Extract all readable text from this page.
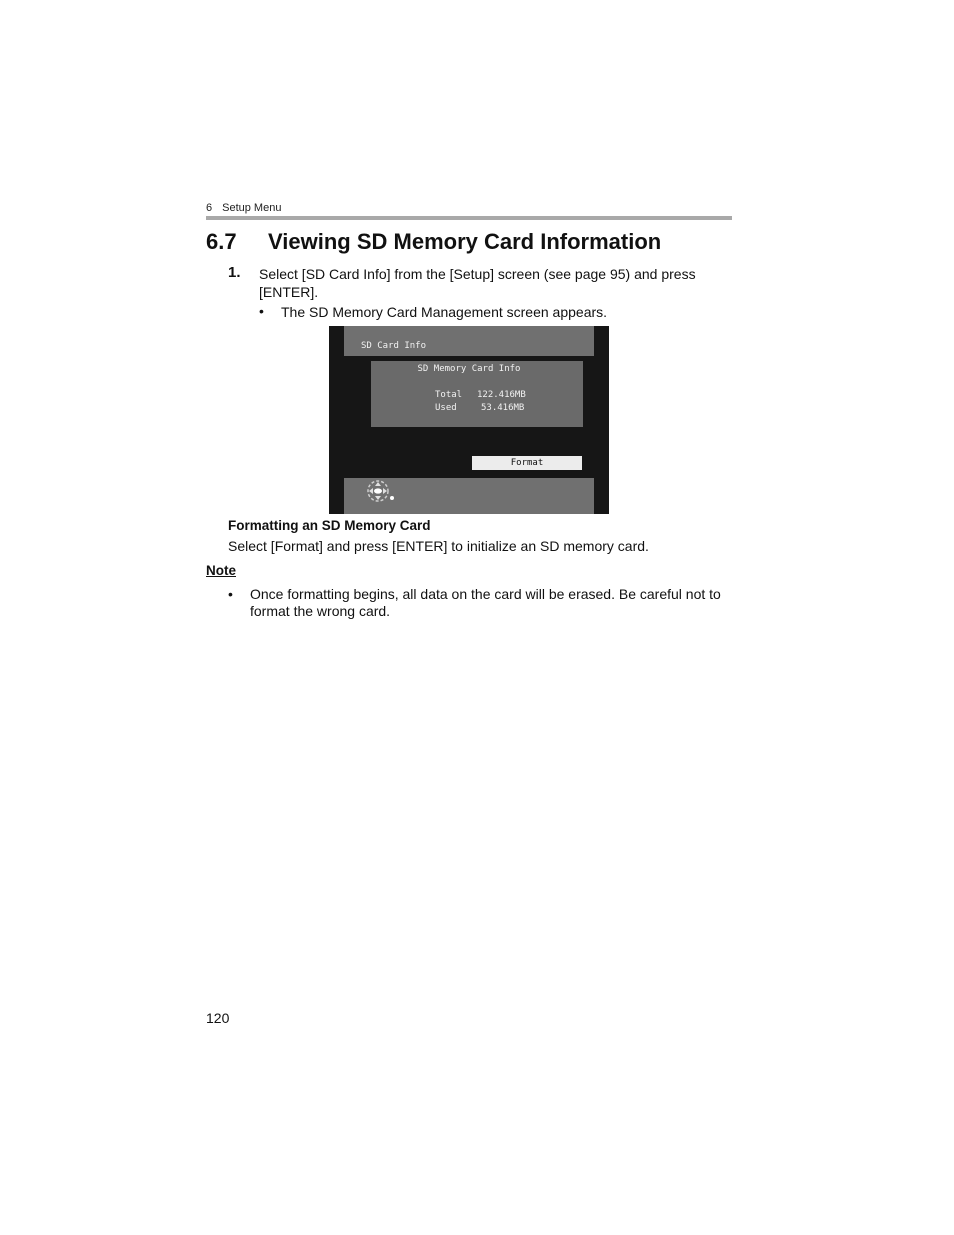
6 Setup Menu
6.7 Viewing SD Memory Card Information
1. Select [SD Card Info] from the [Setup] screen (see page 95) and press [ENTER].
• The SD Memory Card Management screen appears.
SD Card Info
SD Memory Card Info
Total 122.416MB
Used	53.416MB
Format
Formatting an SD Memory Card
Select [Format] and press [ENTER] to initialize an SD memory card.
Note
• Once formatting begins, all data on the card will be erased. Be careful not to format the wrong card.
120
